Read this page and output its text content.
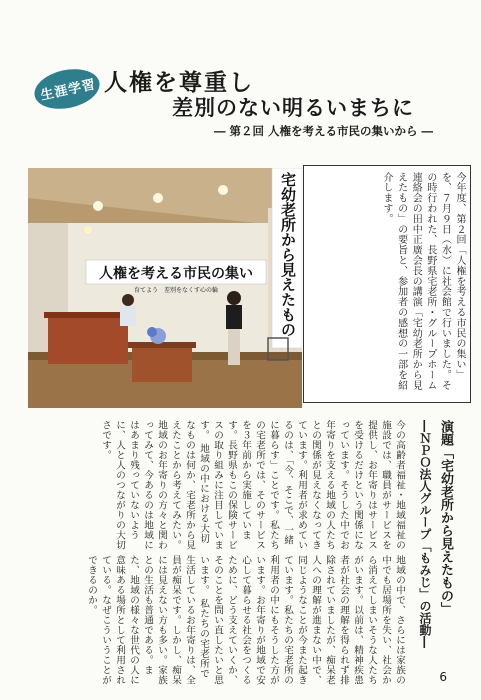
生涯学習 人権を尊重し
差別のない明るいまちに
― 第２回 人権を考える市民の集いから ―
人権を考える市民の集い
育てよう　差別をなくす心の輪	宅幼老所から見えたもの	今年度、第２回「人権を考える市民の集い」を、７月９日（水）に社会館で行いました。その時行われた、長野県宅老所・グループホーム連絡会の田中正廣会長の講演「宅幼老所から見えたもの」の要旨と、参加者の感想の一部を紹介します。
演題「宅幼老所から見えたもの」
―ＮＰＯ法人グループ「もみじ」の活動―
今の高齢者福祉・地域福祉の施設では、職員がサービスを提供し、お年寄りはサービスを受けるだけという関係になっています。そうした中でお年寄りを支える地域の人たちとの関係が見えなくなってきています。利用者が求めているのは、「今、そこで、一緒に暮らす」ことです。私たちの宅老所では、そのサービスを３年前から実施しています。長野県もこの保険サービスの取り組みに注目しています。 地域の中における大切なものは何か、宅老所から見えたことから考えてみたい。地域のお年寄りの方々と関わってみて、今あるのは地域にはあまり残っていないように、人と人のつながりの大切さです。
地域の中で、さらには家族の中でも居場所を失い、社会から消えてしまいそうな人たちがいます。以前は、精神疾患者が社会の理解を得られず排除されていましたが、痴呆老人への理解が進まない中で、同じようなことが今また起きています。私たちの宅老所の利用者の中にもそうした方がいます。お年寄りが地域で安心して暮らせる社会をつくるために、どう支えていくか、そのことを問い直したいと思います。 私たちの宅老所で生活しているお年寄りは、全員が痴呆です。しかし、痴呆には見えない方も多い。家族との生活も普通である。また、地域の様々な世代の人に意味ある場所として利用されている。なぜこういうことができるのか。
6
